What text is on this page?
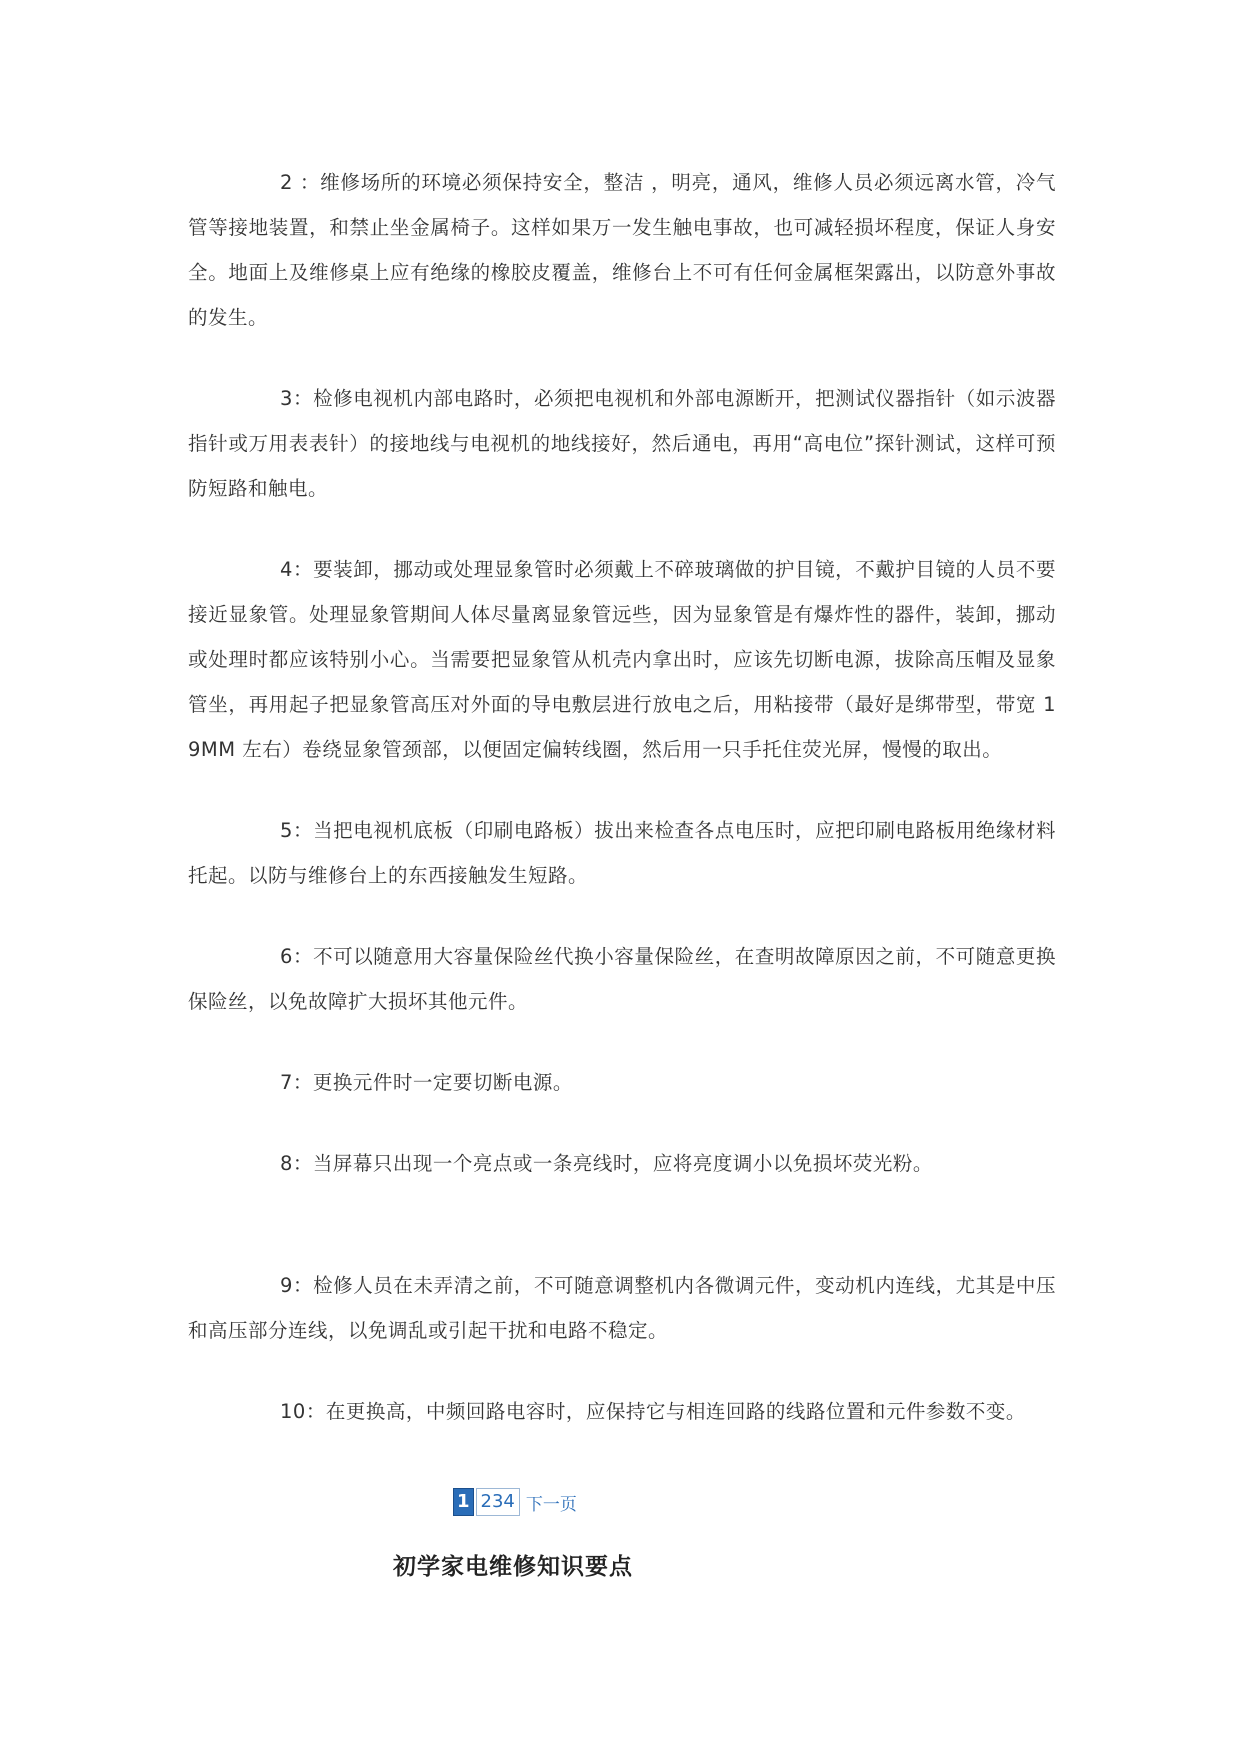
2 ：维修场所的环境必须保持安全，整洁 ，明亮，通风，维修人员必须远离水管，冷气管等接地装置，和禁止坐金属椅子。这样如果万一发生触电事故，也可减轻损坏程度，保证人身安全。地面上及维修桌上应有绝缘的橡胶皮覆盖，维修台上不可有任何金属框架露出，以防意外事故的发生。

3：检修电视机内部电路时，必须把电视机和外部电源断开，把测试仪器指针（如示波器指针或万用表表针）的接地线与电视机的地线接好，然后通电，再用“高电位”探针测试，这样可预防短路和触电。

4：要装卸，挪动或处理显象管时必须戴上不碎玻璃做的护目镜，不戴护目镜的人员不要接近显象管。处理显象管期间人体尽量离显象管远些，因为显象管是有爆炸性的器件，装卸，挪动或处理时都应该特别小心。当需要把显象管从机壳内拿出时，应该先切断电源，拔除高压帽及显象管坐，再用起子把显象管高压对外面的导电敷层进行放电之后，用粘接带（最好是绑带型，带宽 19MM 左右）卷绕显象管颈部，以便固定偏转线圈，然后用一只手托住荧光屏，慢慢的取出。

5：当把电视机底板（印刷电路板）拔出来检查各点电压时，应把印刷电路板用绝缘材料托起。以防与维修台上的东西接触发生短路。

6：不可以随意用大容量保险丝代换小容量保险丝，在查明故障原因之前，不可随意更换保险丝，以免故障扩大损坏其他元件。

7：更换元件时一定要切断电源。

8：当屏幕只出现一个亮点或一条亮线时，应将亮度调小以免损坏荧光粉。

9：检修人员在未弄清之前，不可随意调整机内各微调元件，变动机内连线，尤其是中压和高压部分连线，以免调乱或引起干扰和电路不稳定。

10：在更换高，中频回路电容时，应保持它与相连回路的线路位置和元件参数不变。

1 234 下一页
初学家电维修知识要点
